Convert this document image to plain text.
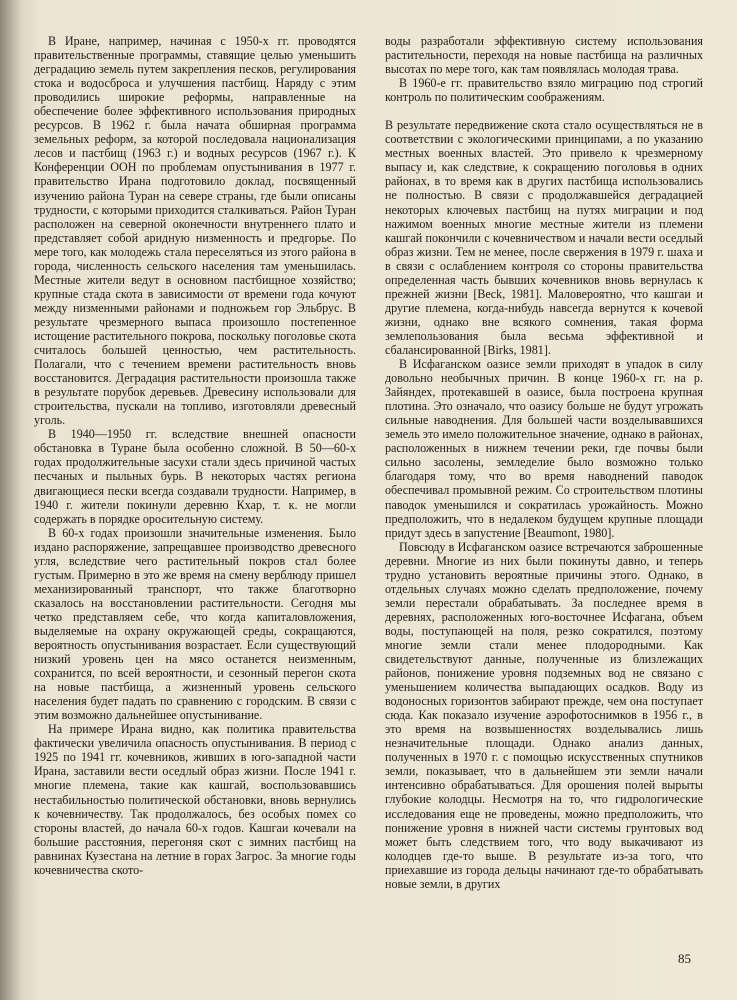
В Иране, например, начиная с 1950-х гг. проводятся правительственные программы, ставящие целью уменьшить деградацию земель путем закрепления песков, регулирования стока и водосброса и улучшения пастбищ. Наряду с этим проводились широкие реформы, направленные на обеспечение более эффективного использования природных ресурсов. В 1962 г. была начата обширная программа земельных реформ, за которой последовала национализация лесов и пастбищ (1963 г.) и водных ресурсов (1967 г.). К Конференции ООН по проблемам опустынивания в 1977 г. правительство Ирана подготовило доклад, посвященный изучению района Туран на севере страны, где были описаны трудности, с которыми приходится сталкиваться. Район Туран расположен на северной оконечности внутреннего плато и представляет собой аридную низменность и предгорье. По мере того, как молодежь стала переселяться из этого района в города, численность сельского населения там уменьшилась. Местные жители ведут в основном пастбищное хозяйство; крупные стада скота в зависимости от времени года кочуют между низменными районами и подножьем гор Эльбрус. В результате чрезмерного выпаса произошло постепенное истощение растительного покрова, поскольку поголовье скота считалось большей ценностью, чем растительность. Полагали, что с течением времени растительность вновь восстановится. Деградация растительности произошла также в результате порубок деревьев. Древесину использовали для строительства, пускали на топливо, изготовляли древесный уголь.

В 1940—1950 гг. вследствие внешней опасности обстановка в Туране была особенно сложной. В 50—60-х годах продолжительные засухи стали здесь причиной частых песчаных и пыльных бурь. В некоторых частях региона двигающиеся пески всегда создавали трудности. Например, в 1940 г. жители покинули деревню Кхар, т. к. не могли содержать в порядке оросительную систему.

В 60-х годах произошли значительные изменения. Было издано распоряжение, запрещавшее производство древесного угля, вследствие чего растительный покров стал более густым. Примерно в это же время на смену верблюду пришел механизированный транспорт, что также благотворно сказалось на восстановлении растительности. Сегодня мы четко представляем себе, что когда капиталовложения, выделяемые на охрану окружающей среды, сокращаются, вероятность опустынивания возрастает. Если существующий низкий уровень цен на мясо останется неизменным, сохранится, по всей вероятности, и сезонный перегон скота на новые пастбища, а жизненный уровень сельского населения будет падать по сравнению с городским. В связи с этим возможно дальнейшее опустынивание.

На примере Ирана видно, как политика правительства фактически увеличила опасность опустынивания. В период с 1925 по 1941 гг. кочевников, живших в юго-западной части Ирана, заставили вести оседлый образ жизни. После 1941 г. многие племена, такие как кашгай, воспользовавшись нестабильностью политической обстановки, вновь вернулись к кочевничеству. Так продолжалось, без особых помех со стороны властей, до начала 60-х годов. Кашгаи кочевали на большие расстояния, перегоняя скот с зимних пастбищ на равнинах Кузестана на летние в горах Загрос. За многие годы кочевничества ското-

воды разработали эффективную систему использования растительности, переходя на новые пастбища на различных высотах по мере того, как там появлялась молодая трава.

В 1960-е гг. правительство взяло миграцию под строгий контроль по политическим соображениям.

В результате передвижение скота стало осуществляться не в соответствии с экологическими принципами, а по указанию местных военных властей. Это привело к чрезмерному выпасу и, как следствие, к сокращению поголовья в одних районах, в то время как в других пастбища использовались не полностью. В связи с продолжавшейся деградацией некоторых ключевых пастбищ на путях миграции и под нажимом военных многие местные жители из племени кашгай покончили с кочевничеством и начали вести оседлый образ жизни. Тем не менее, после свержения в 1979 г. шаха и в связи с ослаблением контроля со стороны правительства определенная часть бывших кочевников вновь вернулась к прежней жизни [Beck, 1981]. Маловероятно, что кашгаи и другие племена, когда-нибудь навсегда вернутся к кочевой жизни, однако вне всякого сомнения, такая форма землепользования была весьма эффективной и сбалансированной [Birks, 1981].

В Исфаганском оазисе земли приходят в упадок в силу довольно необычных причин. В конце 1960-х гг. на р. Зайяндех, протекавшей в оазисе, была построена крупная плотина. Это означало, что оазису больше не будут угрожать сильные наводнения. Для большей части возделывавшихся земель это имело положительное значение, однако в районах, расположенных в нижнем течении реки, где почвы были сильно засолены, земледелие было возможно только благодаря тому, что во время наводнений паводок обеспечивал промывной режим. Со строительством плотины паводок уменьшился и сократилась урожайность. Можно предположить, что в недалеком будущем крупные площади придут здесь в запустение [Beaumont, 1980].

Повсюду в Исфаганском оазисе встречаются заброшенные деревни. Многие из них были покинуты давно, и теперь трудно установить вероятные причины этого. Однако, в отдельных случаях можно сделать предположение, почему земли перестали обрабатывать. За последнее время в деревнях, расположенных юго-восточнее Исфагана, объем воды, поступающей на поля, резко сократился, поэтому многие земли стали менее плодородными. Как свидетельствуют данные, полученные из близлежащих районов, понижение уровня подземных вод не связано с уменьшением количества выпадающих осадков. Воду из водоносных горизонтов забирают прежде, чем она поступает сюда. Как показало изучение аэрофотоснимков в 1956 г., в это время на возвышенностях возделывались лишь незначительные площади. Однако анализ данных, полученных в 1970 г. с помощью искусственных спутников земли, показывает, что в дальнейшем эти земли начали интенсивно обрабатываться. Для орошения полей вырыты глубокие колодцы. Несмотря на то, что гидрологические исследования еще не проведены, можно предположить, что понижение уровня в нижней части системы грунтовых вод может быть следствием того, что воду выкачивают из колодцев где-то выше. В результате из-за того, что приехавшие из города дельцы начинают где-то обрабатывать новые земли, в других

85
